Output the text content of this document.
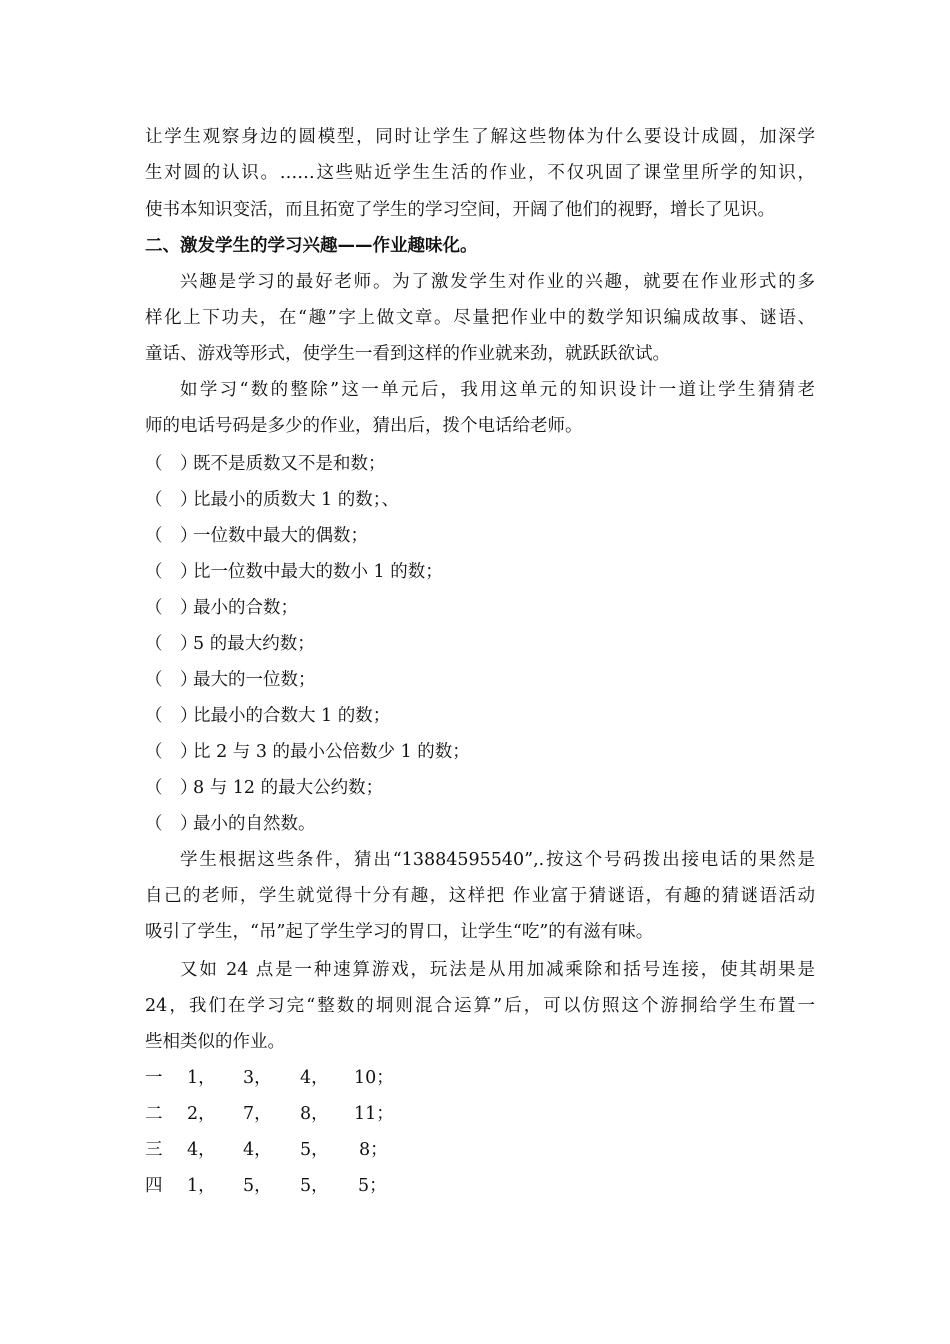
让学生观察身边的圆模型，同时让学生了解这些物体为什么要设计成圆，加深学
生对圆的认识。……这些贴近学生生活的作业，不仅巩固了课堂里所学的知识，
使书本知识变活，而且拓宽了学生的学习空间，开阔了他们的视野，增长了见识。
二、激发学生的学习兴趣——作业趣味化。
兴趣是学习的最好老师。为了激发学生对作业的兴趣，就要在作业形式的多
样化上下功夫，在“趣”字上做文章。尽量把作业中的数学知识编成故事、谜语、
童话、游戏等形式，使学生一看到这样的作业就来劲，就跃跃欲试。
如学习“数的整除”这一单元后，我用这单元的知识设计一道让学生猜猜老
师的电话号码是多少的作业，猜出后，拨个电话给老师。
（　）既不是质数又不是和数；
（　）比最小的质数大 1 的数；、
（　）一位数中最大的偶数；
（　）比一位数中最大的数小 1 的数；
（　）最小的合数；
（　）5 的最大约数；
（　）最大的一位数；
（　）比最小的合数大 1 的数；
（　）比 2 与 3 的最小公倍数少 1 的数；
（　）8 与 12 的最大公约数；
（　）最小的自然数。
学生根据这些条件，猜出“13884595540”,.按这个号码拨出接电话的果然是
自己的老师，学生就觉得十分有趣，这样把 作业富于猜谜语，有趣的猜谜语活动
吸引了学生，“吊”起了学生学习的胃口，让学生“吃”的有滋有味。
又如 24 点是一种速算游戏，玩法是从用加减乘除和括号连接，使其胡果是
24，我们在学习完“整数的垌则混合运算”后，可以仿照这个游挏给学生布置一
些相类似的作业。
一 1， 3， 4， 10；
二 2， 7， 8， 11；
三 4， 4， 5， 8；
四 1， 5， 5， 5；
